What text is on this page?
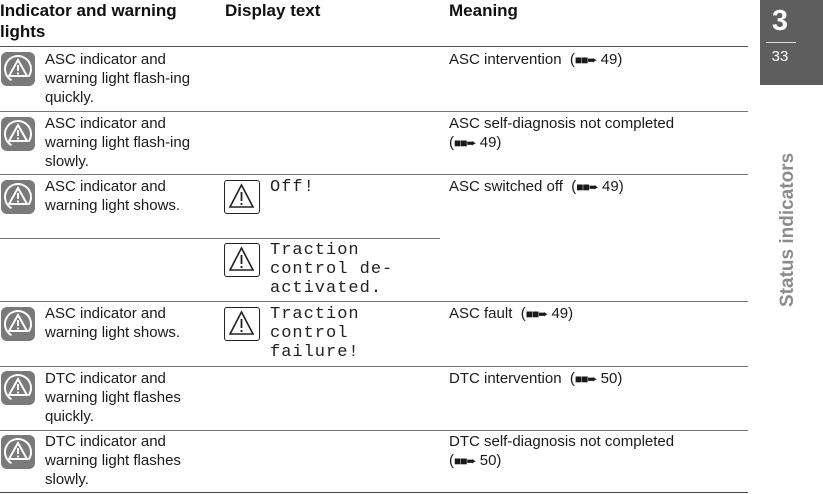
Indicator and warning lights
Display text	Meaning
ASC indicator and warning light flash-ing quickly.
ASC intervention  (■■➨ 49)
ASC indicator and warning light flash-ing slowly.
ASC self-diagnosis not completed
(■■➨ 49)
ASC indicator and warning light shows.
Off!	ASC switched off  (■■➨ 49)
Traction control de-activated.
ASC indicator and warning light shows.
Traction control failure!
ASC fault  (■■➨ 49)
DTC indicator and warning light flashes quickly.
DTC intervention  (■■➨ 50)
DTC indicator and warning light flashes slowly.
DTC self-diagnosis not completed
(■■➨ 50)
3
33
Status indicators
